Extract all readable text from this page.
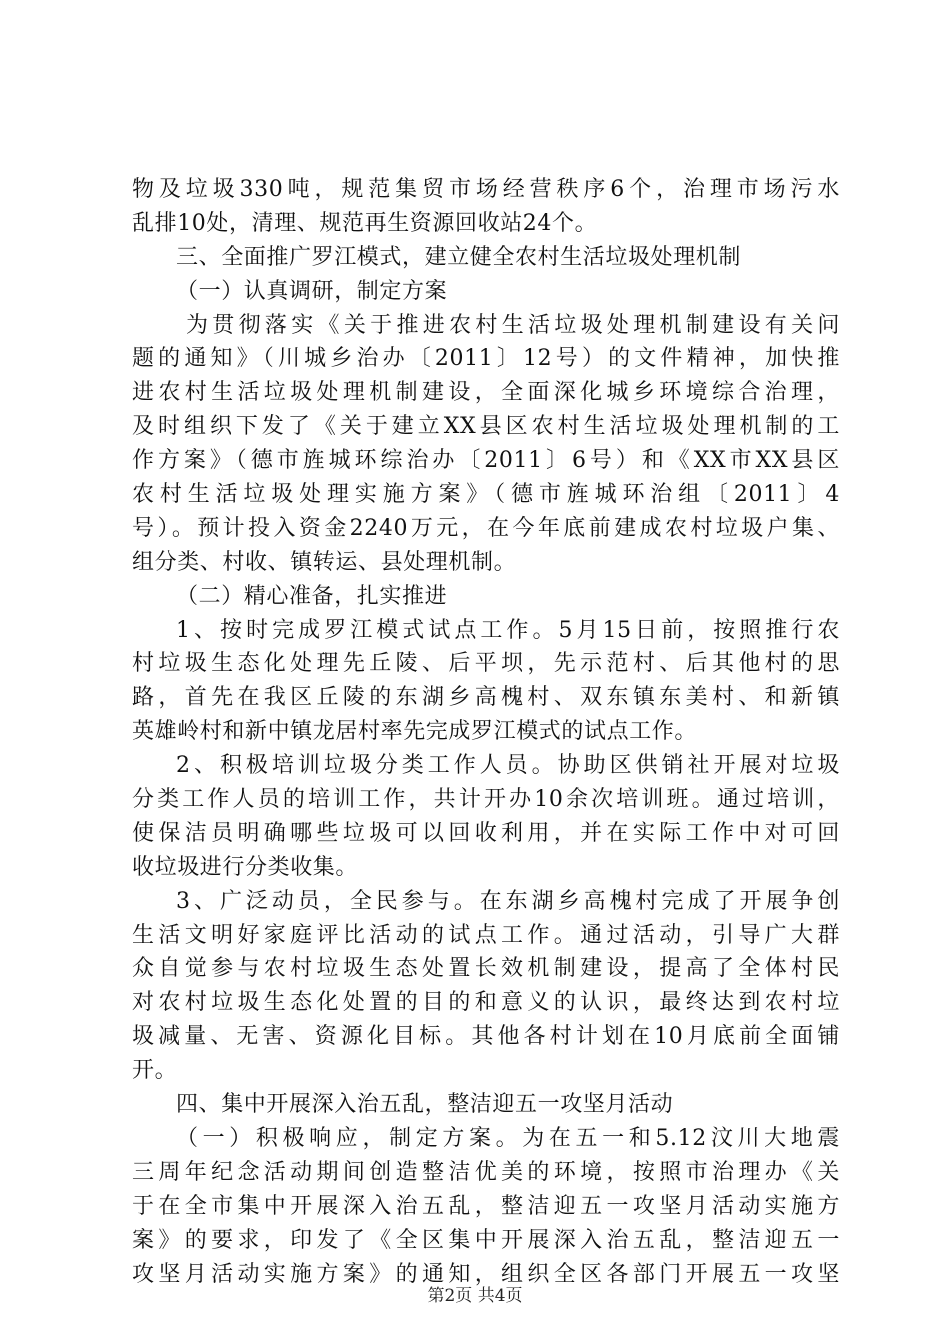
物及垃圾330吨，规范集贸市场经营秩序6个，治理市场污水
乱排10处，清理、规范再生资源回收站24个。
三、全面推广罗江模式，建立健全农村生活垃圾处理机制
（一）认真调研，制定方案
为贯彻落实《关于推进农村生活垃圾处理机制建设有关问
题的通知》（川城乡治办〔2011〕12号）的文件精神，加快推
进农村生活垃圾处理机制建设，全面深化城乡环境综合治理，
及时组织下发了《关于建立XX县区农村生活垃圾处理机制的工
作方案》（德市旌城环综治办〔2011〕6号）和《XX市XX县区
农村生活垃圾处理实施方案》（德市旌城环治组〔2011〕4
号）。预计投入资金2240万元，在今年底前建成农村垃圾户集、
组分类、村收、镇转运、县处理机制。
（二）精心准备，扎实推进
1、按时完成罗江模式试点工作。5月15日前，按照推行农
村垃圾生态化处理先丘陵、后平坝，先示范村、后其他村的思
路，首先在我区丘陵的东湖乡高槐村、双东镇东美村、和新镇
英雄岭村和新中镇龙居村率先完成罗江模式的试点工作。
2、积极培训垃圾分类工作人员。协助区供销社开展对垃圾
分类工作人员的培训工作，共计开办10余次培训班。通过培训，
使保洁员明确哪些垃圾可以回收利用，并在实际工作中对可回
收垃圾进行分类收集。
3、广泛动员，全民参与。在东湖乡高槐村完成了开展争创
生活文明好家庭评比活动的试点工作。通过活动，引导广大群
众自觉参与农村垃圾生态处置长效机制建设，提高了全体村民
对农村垃圾生态化处置的目的和意义的认识，最终达到农村垃
圾减量、无害、资源化目标。其他各村计划在10月底前全面铺
开。
四、集中开展深入治五乱，整洁迎五一攻坚月活动
（一）积极响应，制定方案。为在五一和5.12汶川大地震
三周年纪念活动期间创造整洁优美的环境，按照市治理办《关
于在全市集中开展深入治五乱，整洁迎五一攻坚月活动实施方
案》的要求，印发了《全区集中开展深入治五乱，整洁迎五一
攻坚月活动实施方案》的通知，组织全区各部门开展五一攻坚
第2页 共4页
